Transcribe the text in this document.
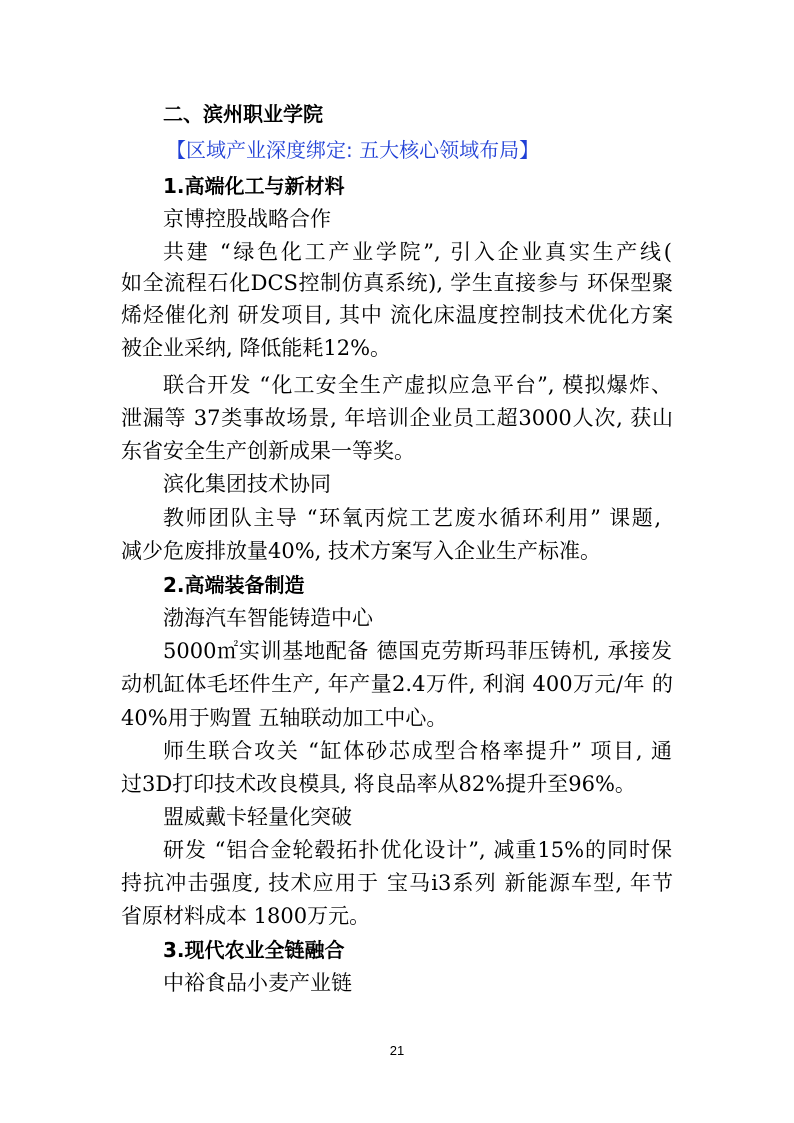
二、滨州职业学院
【区域产业深度绑定: 五大核心领域布局】
1.高端化工与新材料
京博控股战略合作
共建 “绿色化工产业学院”, 引入企业真实生产线(
如全流程石化DCS控制仿真系统), 学生直接参与 环保型聚
烯烃催化剂 研发项目, 其中 流化床温度控制技术优化方案
被企业采纳, 降低能耗12%。
联合开发 “化工安全生产虚拟应急平台”, 模拟爆炸、
泄漏等 37类事故场景, 年培训企业员工超3000人次, 获山
东省安全生产创新成果一等奖。
滨化集团技术协同
教师团队主导 “环氧丙烷工艺废水循环利用” 课题,
减少危废排放量40%, 技术方案写入企业生产标准。
2.高端装备制造
渤海汽车智能铸造中心
5000㎡实训基地配备 德国克劳斯玛菲压铸机, 承接发
动机缸体毛坯件生产, 年产量2.4万件, 利润 400万元/年 的
40%用于购置 五轴联动加工中心。
师生联合攻关 “缸体砂芯成型合格率提升” 项目, 通
过3D打印技术改良模具, 将良品率从82%提升至96%。
盟威戴卡轻量化突破
研发 “铝合金轮毂拓扑优化设计”, 减重15%的同时保
持抗冲击强度, 技术应用于 宝马i3系列 新能源车型, 年节
省原材料成本 1800万元。
3.现代农业全链融合
中裕食品小麦产业链
21
